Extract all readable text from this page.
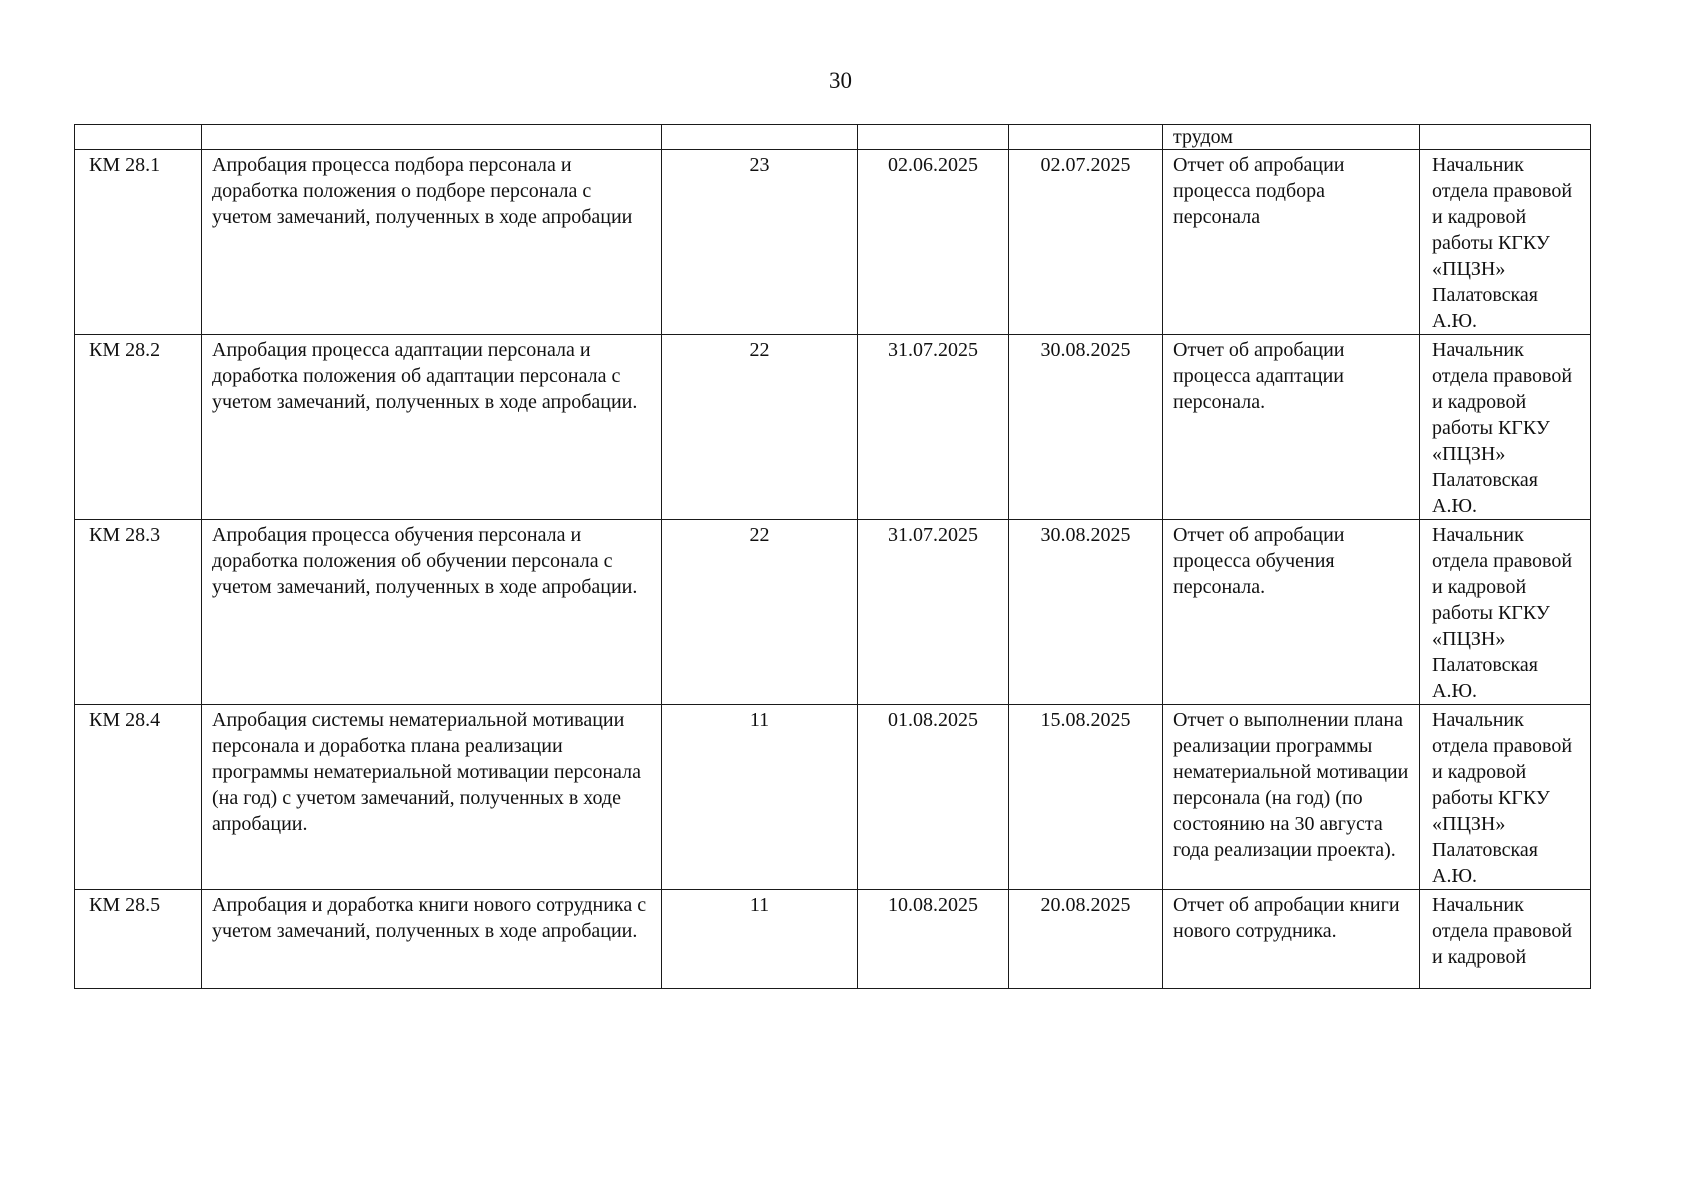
30
					трудом	
КМ 28.1	Апробация процесса подбора персонала и доработка положения о подборе персонала с учетом замечаний, полученных в ходе апробации	23	02.06.2025	02.07.2025	Отчет об апробации процесса подбора персонала	Начальник отдела правовой и кадровой работы КГКУ «ПЦЗН» Палатовская А.Ю.
КМ 28.2	Апробация процесса адаптации персонала и доработка положения об адаптации персонала с учетом замечаний, полученных в ходе апробации.	22	31.07.2025	30.08.2025	Отчет об апробации процесса адаптации персонала.	Начальник отдела правовой и кадровой работы КГКУ «ПЦЗН» Палатовская А.Ю.
КМ 28.3	Апробация процесса обучения персонала и доработка положения об обучении персонала с учетом замечаний, полученных в ходе апробации.	22	31.07.2025	30.08.2025	Отчет об апробации процесса обучения персонала.	Начальник отдела правовой и кадровой работы КГКУ «ПЦЗН» Палатовская А.Ю.
КМ 28.4	Апробация системы нематериальной мотивации персонала и доработка плана реализации программы нематериальной мотивации персонала (на год) с учетом замечаний, полученных в ходе апробации.	11	01.08.2025	15.08.2025	Отчет о выполнении плана реализации программы нематериальной мотивации персонала (на год) (по состоянию на 30 августа года реализации проекта).	Начальник отдела правовой и кадровой работы КГКУ «ПЦЗН» Палатовская А.Ю.
КМ 28.5	Апробация и доработка книги нового сотрудника с учетом замечаний, полученных в ходе апробации.	11	10.08.2025	20.08.2025	Отчет об апробации книги нового сотрудника.	Начальник отдела правовой и кадровой
